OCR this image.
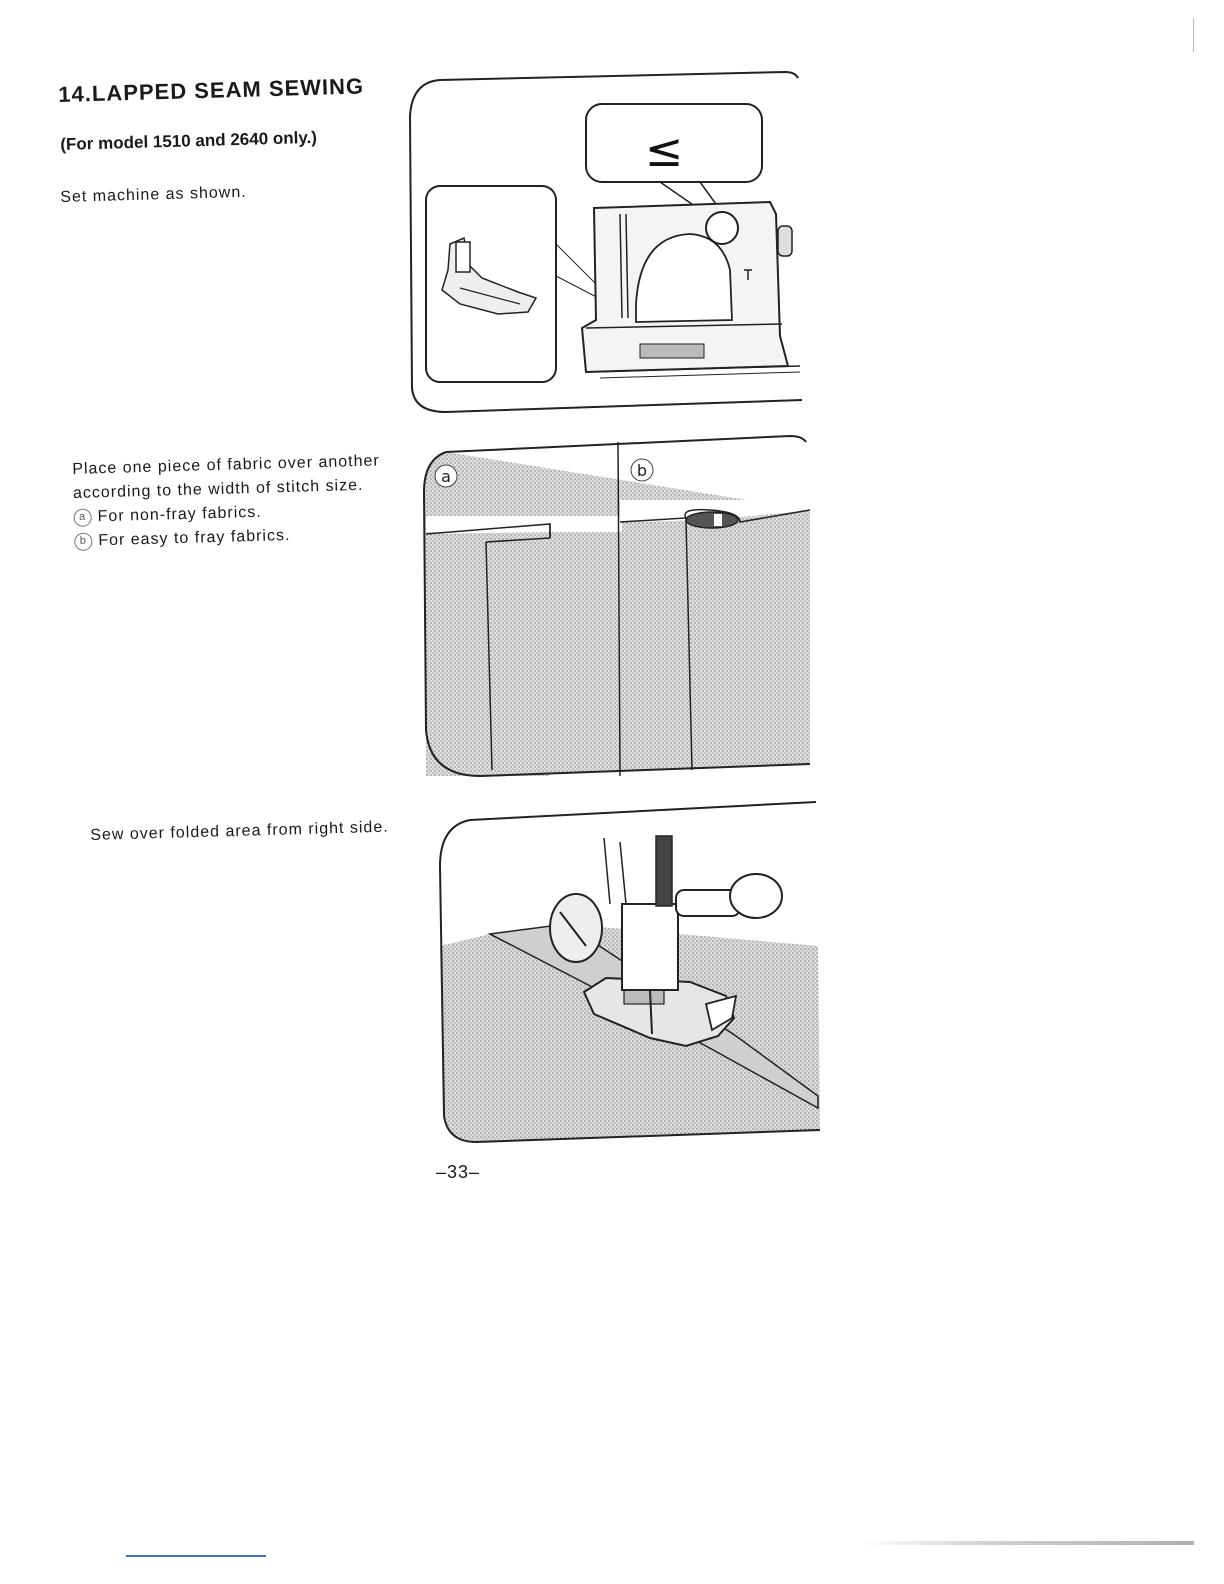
14.LAPPED SEAM SEWING

(For model 1510 and 2640 only.)

Set machine as shown.

Place one piece of fabric over another according to the width of stitch size.
a For non-fray fabrics.
b For easy to fray fabrics.

Sew over folded area from right side.

≤
a	b

–33–
